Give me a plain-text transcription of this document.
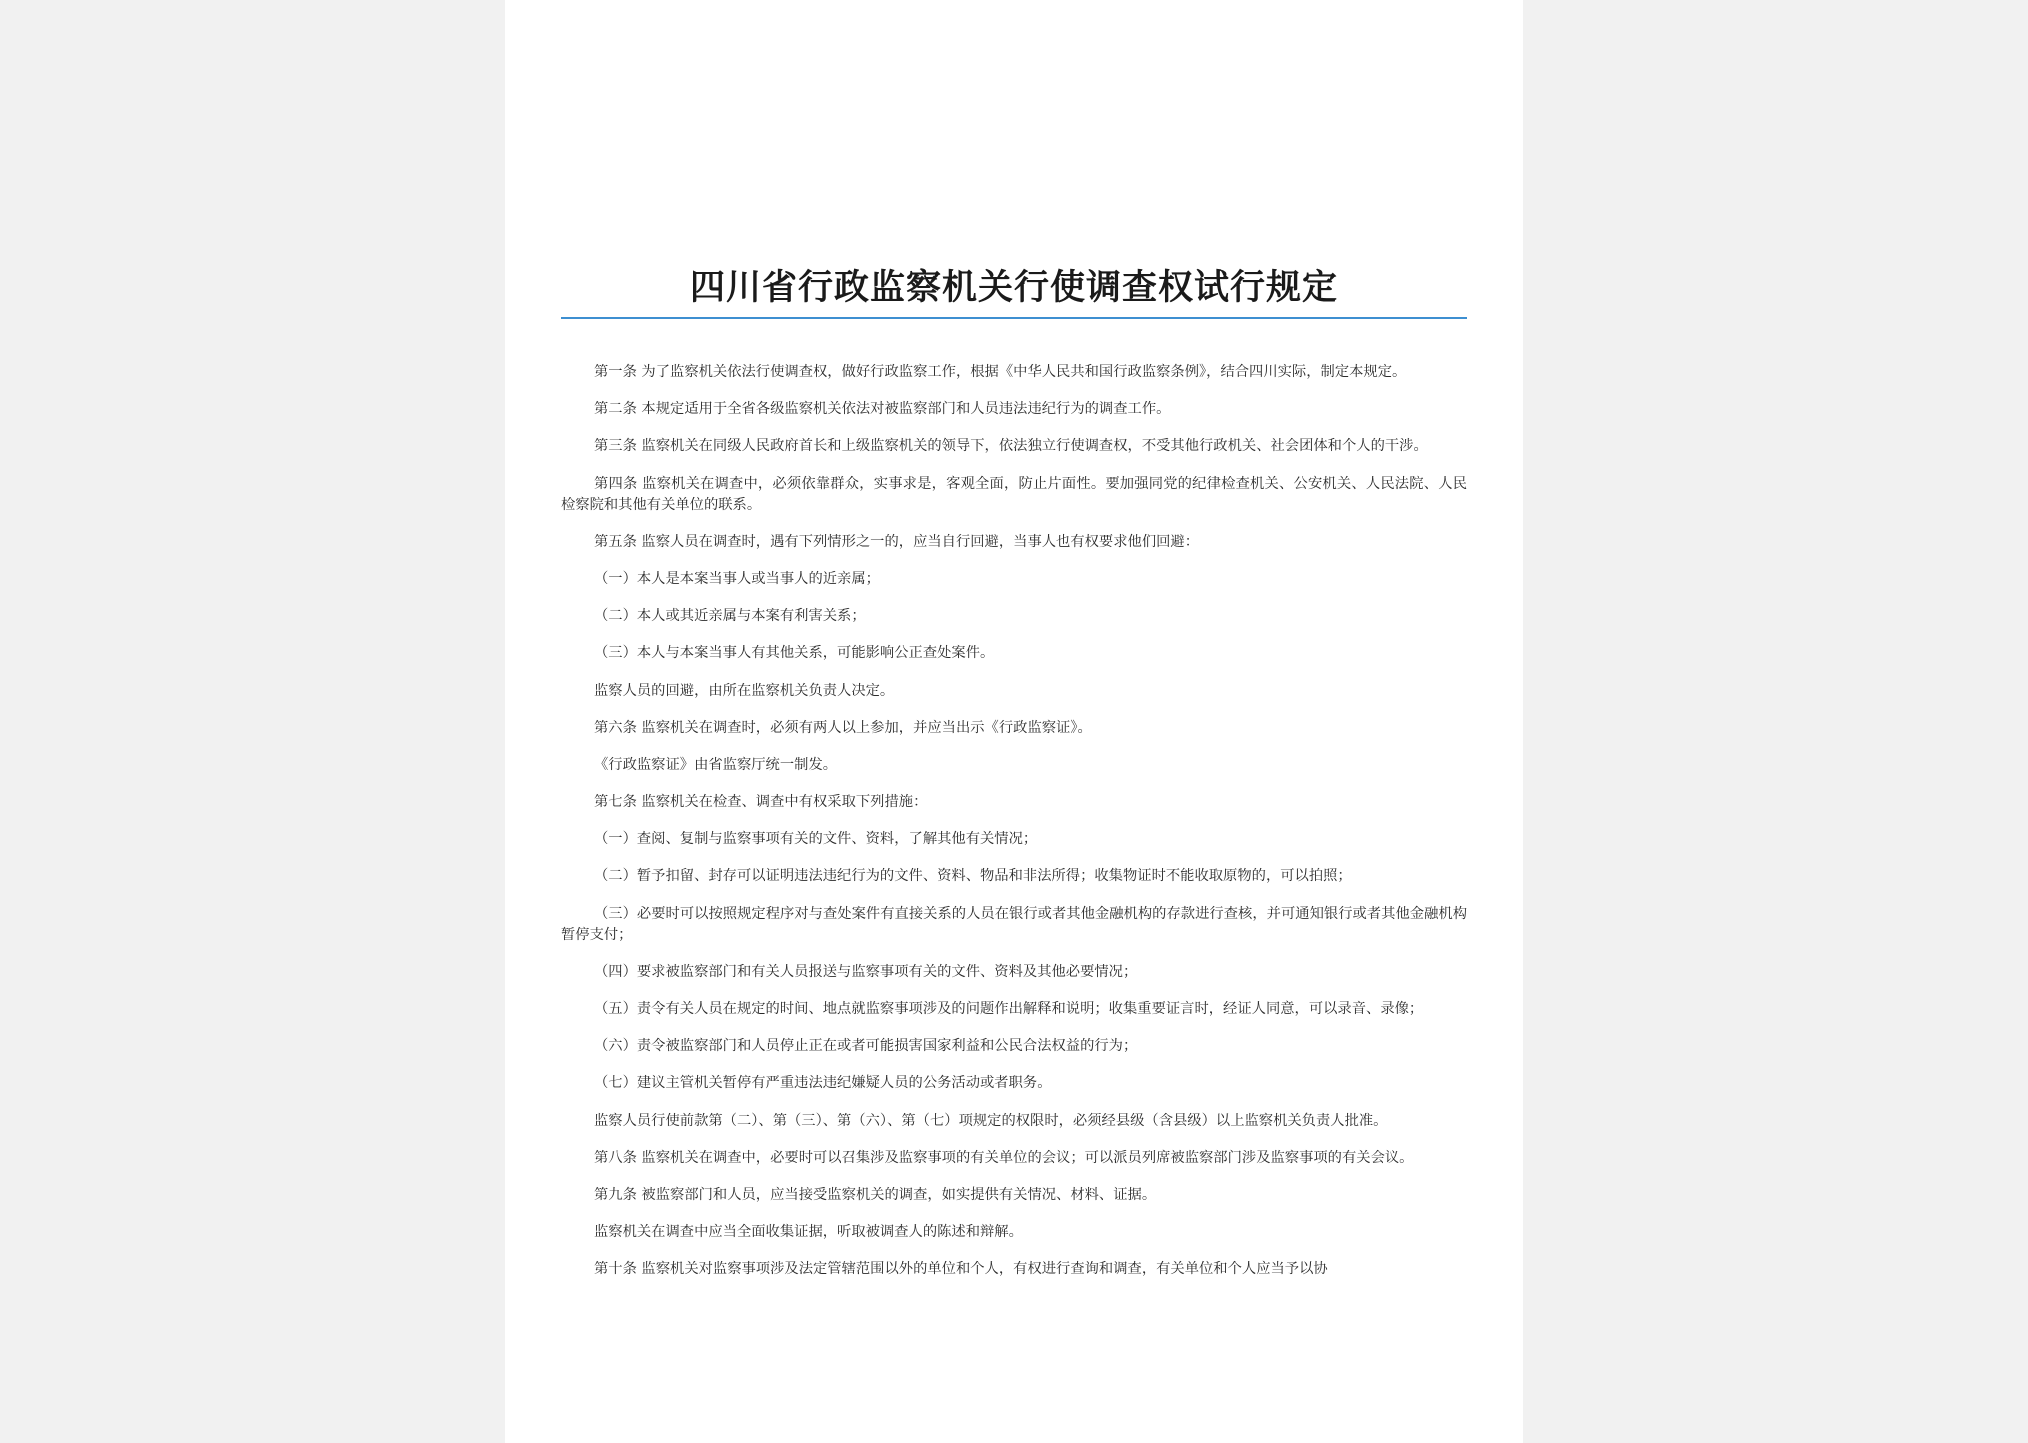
四川省行政监察机关行使调查权试行规定

第一条 为了监察机关依法行使调查权，做好行政监察工作，根据《中华人民共和国行政监察条例》，结合四川实际，制定本规定。

第二条 本规定适用于全省各级监察机关依法对被监察部门和人员违法违纪行为的调查工作。

第三条 监察机关在同级人民政府首长和上级监察机关的领导下，依法独立行使调查权，不受其他行政机关、社会团体和个人的干涉。

第四条 监察机关在调查中，必须依靠群众，实事求是，客观全面，防止片面性。要加强同党的纪律检查机关、公安机关、人民法院、人民检察院和其他有关单位的联系。

第五条 监察人员在调查时，遇有下列情形之一的，应当自行回避，当事人也有权要求他们回避：

（一）本人是本案当事人或当事人的近亲属；

（二）本人或其近亲属与本案有利害关系；

（三）本人与本案当事人有其他关系，可能影响公正查处案件。

监察人员的回避，由所在监察机关负责人决定。

第六条 监察机关在调查时，必须有两人以上参加，并应当出示《行政监察证》。

《行政监察证》由省监察厅统一制发。

第七条 监察机关在检查、调查中有权采取下列措施：

（一）查阅、复制与监察事项有关的文件、资料，了解其他有关情况；

（二）暂予扣留、封存可以证明违法违纪行为的文件、资料、物品和非法所得；收集物证时不能收取原物的，可以拍照；

（三）必要时可以按照规定程序对与查处案件有直接关系的人员在银行或者其他金融机构的存款进行查核，并可通知银行或者其他金融机构暂停支付；

（四）要求被监察部门和有关人员报送与监察事项有关的文件、资料及其他必要情况；

（五）责令有关人员在规定的时间、地点就监察事项涉及的问题作出解释和说明；收集重要证言时，经证人同意，可以录音、录像；

（六）责令被监察部门和人员停止正在或者可能损害国家利益和公民合法权益的行为；

（七）建议主管机关暂停有严重违法违纪嫌疑人员的公务活动或者职务。

监察人员行使前款第（二）、第（三）、第（六）、第（七）项规定的权限时，必须经县级（含县级）以上监察机关负责人批准。

第八条 监察机关在调查中，必要时可以召集涉及监察事项的有关单位的会议；可以派员列席被监察部门涉及监察事项的有关会议。

第九条 被监察部门和人员，应当接受监察机关的调查，如实提供有关情况、材料、证据。

监察机关在调查中应当全面收集证据，听取被调查人的陈述和辩解。

第十条 监察机关对监察事项涉及法定管辖范围以外的单位和个人，有权进行查询和调查，有关单位和个人应当予以协
